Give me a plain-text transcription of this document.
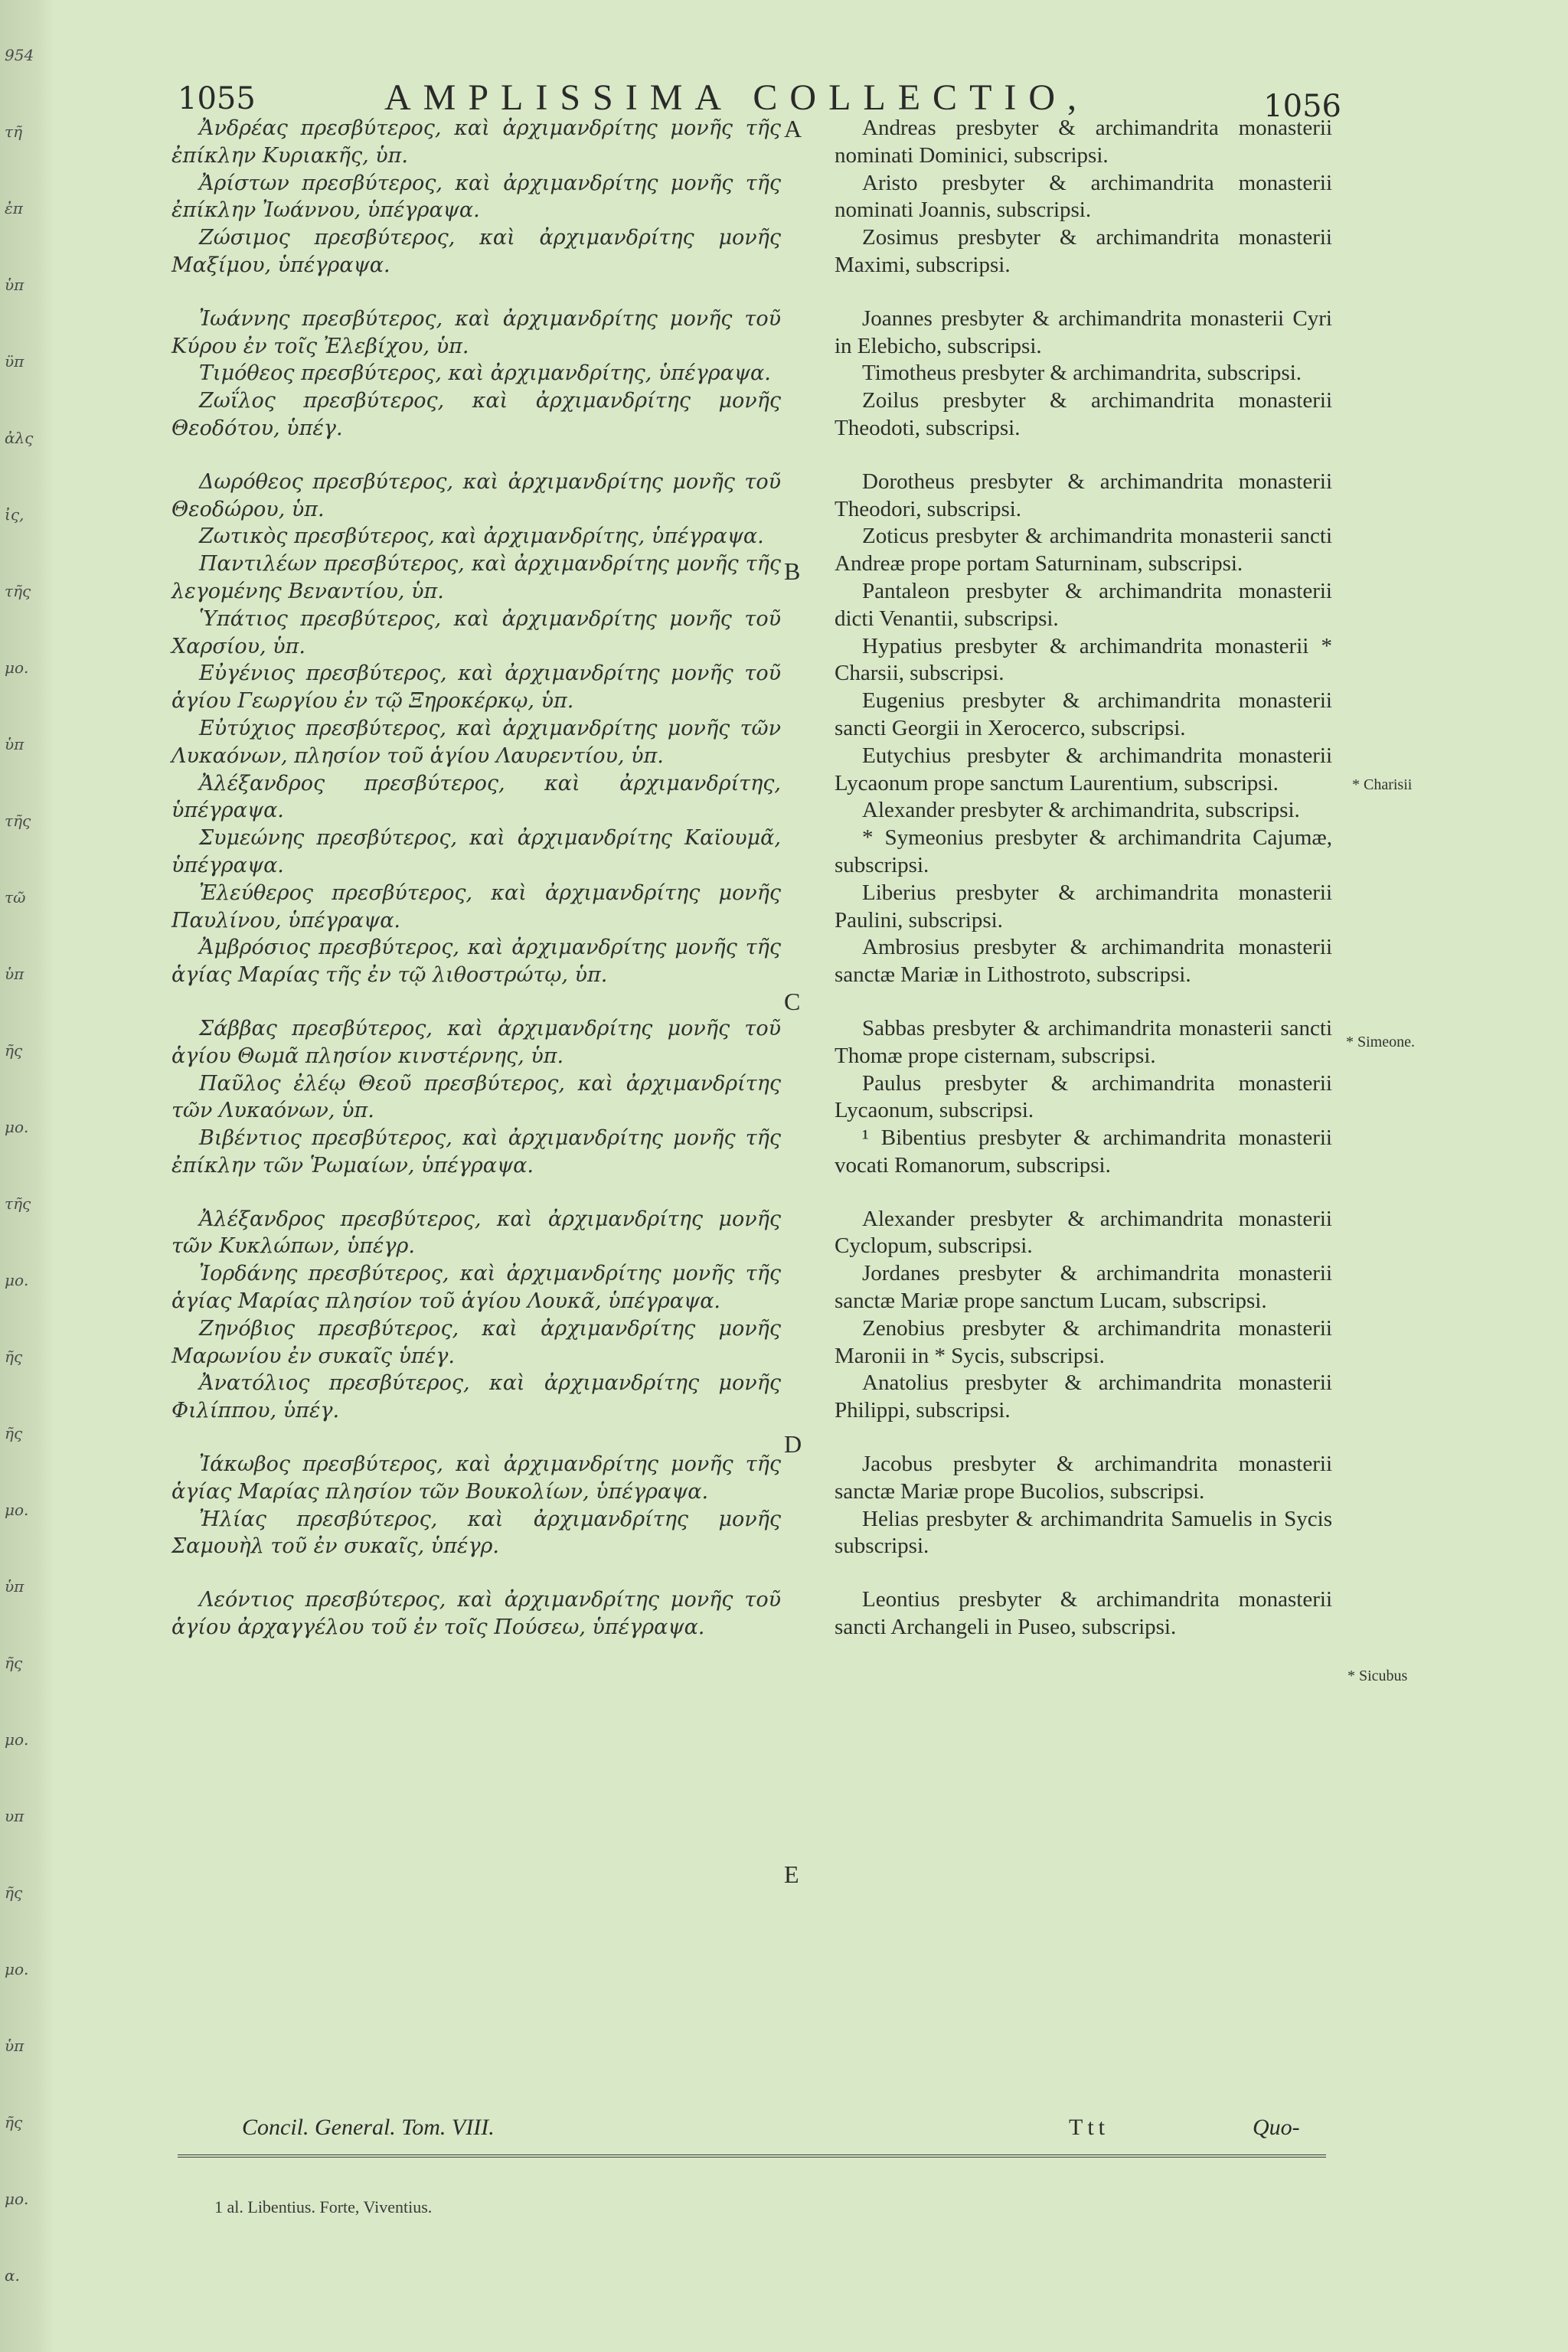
954
τῆ
ἐπ
ὑπ
ϋπ
ἀλς
ἰς,
τῆς
μο.
ὑπ
τῆς
τῶ
ὑπ
ῆς
μο.
τῆς
μο.
ῆς
ῆς
μο.
ὑπ
ῆς
μο.
υπ
ῆς
μο.
ὑπ
ῆς
μο.
α.
1055	AMPLISSIMA COLLECTIO,	1056
Ἀνδρέας πρεσβύτερος, καὶ ἀρχιμανδρίτης μονῆς τῆς ἐπίκλην Κυριακῆς, ὑπ.
Ἀρίστων πρεσβύτερος, καὶ ἀρχιμανδρίτης μονῆς τῆς ἐπίκλην Ἰωάννου, ὑπέγραψα.
Ζώσιμος πρεσβύτερος, καὶ ἀρχιμανδρίτης μονῆς Μαξίμου, ὑπέγραψα.
Ἰωάννης πρεσβύτερος, καὶ ἀρχιμανδρίτης μονῆς τοῦ Κύρου ἐν τοῖς Ἐλεβίχου, ὑπ.
Τιμόθεος πρεσβύτερος, καὶ ἀρχιμανδρίτης, ὑπέγραψα.
Ζωΐλος πρεσβύτερος, καὶ ἀρχιμανδρίτης μονῆς Θεοδότου, ὑπέγ.
Δωρόθεος πρεσβύτερος, καὶ ἀρχιμανδρίτης μονῆς τοῦ Θεοδώρου, ὑπ.
Ζωτικὸς πρεσβύτερος, καὶ ἀρχιμανδρίτης, ὑπέγραψα.
Παντιλέων πρεσβύτερος, καὶ ἀρχιμανδρίτης μονῆς τῆς λεγομένης Βεναντίου, ὑπ.
Ὑπάτιος πρεσβύτερος, καὶ ἀρχιμανδρίτης μονῆς τοῦ Χαρσίου, ὑπ.
Εὐγένιος πρεσβύτερος, καὶ ἀρχιμανδρίτης μονῆς τοῦ ἁγίου Γεωργίου ἐν τῷ Ξηροκέρκῳ, ὑπ.
Εὐτύχιος πρεσβύτερος, καὶ ἀρχιμανδρίτης μονῆς τῶν Λυκαόνων, πλησίον τοῦ ἁγίου Λαυρεντίου, ὑπ.
Ἀλέξανδρος πρεσβύτερος, καὶ ἀρχιμανδρίτης, ὑπέγραψα.
Συμεώνης πρεσβύτερος, καὶ ἀρχιμανδρίτης Καϊουμᾶ, ὑπέγραψα.
Ἐλεύθερος πρεσβύτερος, καὶ ἀρχιμανδρίτης μονῆς Παυλίνου, ὑπέγραψα.
Ἀμβρόσιος πρεσβύτερος, καὶ ἀρχιμανδρίτης μονῆς τῆς ἁγίας Μαρίας τῆς ἐν τῷ λιθοστρώτῳ, ὑπ.
Σάββας πρεσβύτερος, καὶ ἀρχιμανδρίτης μονῆς τοῦ ἁγίου Θωμᾶ πλησίον κινστέρνης, ὑπ.
Παῦλος ἐλέῳ Θεοῦ πρεσβύτερος, καὶ ἀρχιμανδρίτης τῶν Λυκαόνων, ὑπ.
Βιβέντιος πρεσβύτερος, καὶ ἀρχιμανδρίτης μονῆς τῆς ἐπίκλην τῶν Ῥωμαίων, ὑπέγραψα.
Ἀλέξανδρος πρεσβύτερος, καὶ ἀρχιμανδρίτης μονῆς τῶν Κυκλώπων, ὑπέγρ.
Ἰορδάνης πρεσβύτερος, καὶ ἀρχιμανδρίτης μονῆς τῆς ἁγίας Μαρίας πλησίον τοῦ ἁγίου Λουκᾶ, ὑπέγραψα.
Ζηνόβιος πρεσβύτερος, καὶ ἀρχιμανδρίτης μονῆς Μαρωνίου ἐν συκαῖς ὑπέγ.
Ἀνατόλιος πρεσβύτερος, καὶ ἀρχιμανδρίτης μονῆς Φιλίππου, ὑπέγ.
Ἰάκωβος πρεσβύτερος, καὶ ἀρχιμανδρίτης μονῆς τῆς ἁγίας Μαρίας πλησίον τῶν Βουκολίων, ὑπέγραψα.
Ἠλίας πρεσβύτερος, καὶ ἀρχιμανδρίτης μονῆς Σαμουὴλ τοῦ ἐν συκαῖς, ὑπέγρ.
Λεόντιος πρεσβύτερος, καὶ ἀρχιμανδρίτης μονῆς τοῦ ἁγίου ἀρχαγγέλου τοῦ ἐν τοῖς Πούσεω, ὑπέγραψα.
Andreas presbyter & archimandrita monasterii nominati Dominici, subscripsi.
Aristo presbyter & archimandrita monasterii nominati Joannis, subscripsi.
Zosimus presbyter & archimandrita monasterii Maximi, subscripsi.
Joannes presbyter & archimandrita monasterii Cyri in Elebicho, subscripsi.
Timotheus presbyter & archimandrita, subscripsi.
Zoilus presbyter & archimandrita monasterii Theodoti, subscripsi.
Dorotheus presbyter & archimandrita monasterii Theodori, subscripsi.
Zoticus presbyter & archimandrita monasterii sancti Andreæ prope portam Saturninam, subscripsi.
Pantaleon presbyter & archimandrita monasterii dicti Venantii, subscripsi.
Hypatius presbyter & archimandrita monasterii * Charsii, subscripsi.
Eugenius presbyter & archimandrita monasterii sancti Georgii in Xerocerco, subscripsi.
Eutychius presbyter & archimandrita monasterii Lycaonum prope sanctum Laurentium, subscripsi.
Alexander presbyter & archimandrita, subscripsi.
* Symeonius presbyter & archimandrita Cajumæ, subscripsi.
Liberius presbyter & archimandrita monasterii Paulini, subscripsi.
Ambrosius presbyter & archimandrita monasterii sanctæ Mariæ in Lithostroto, subscripsi.
Sabbas presbyter & archimandrita monasterii sancti Thomæ prope cisternam, subscripsi.
Paulus presbyter & archimandrita monasterii Lycaonum, subscripsi.
¹ Bibentius presbyter & archimandrita monasterii vocati Romanorum, subscripsi.
Alexander presbyter & archimandrita monasterii Cyclopum, subscripsi.
Jordanes presbyter & archimandrita monasterii sanctæ Mariæ prope sanctum Lucam, subscripsi.
Zenobius presbyter & archimandrita monasterii Maronii in * Sycis, subscripsi.
Anatolius presbyter & archimandrita monasterii Philippi, subscripsi.
Jacobus presbyter & archimandrita monasterii sanctæ Mariæ prope Bucolios, subscripsi.
Helias presbyter & archimandrita Samuelis in Sycis subscripsi.
Leontius presbyter & archimandrita monasterii sancti Archangeli in Puseo, subscripsi.
A
B
C
D
E
* Charisii
* Simeone.
* Sicubus
Concil. General. Tom. VIII.	Ttt	Quo-
1 al. Libentius. Forte, Viventius.
